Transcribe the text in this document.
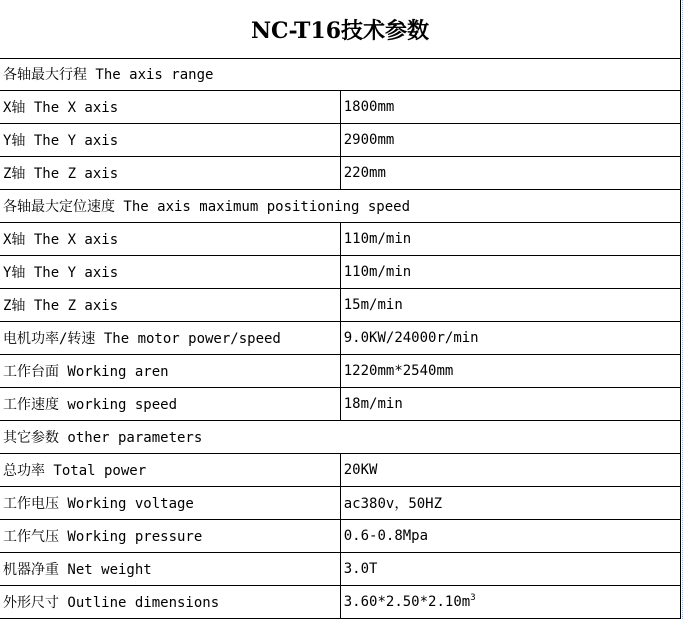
NC-T16技术参数
各轴最大行程 The axis range	
X轴 The X axis	1800mm
Y轴 The Y axis	2900mm
Z轴 The Z axis	220mm
各轴最大定位速度 The axis maximum positioning speed	
X轴 The X axis	110m/min
Y轴 The Y axis	110m/min
Z轴 The Z axis	15m/min
电机功率/转速 The motor power/speed	9.0KW/24000r/min
工作台面 Working aren	1220mm*2540mm
工作速度 working speed	18m/min
其它参数 other parameters	
总功率 Total power	20KW
工作电压 Working voltage	ac380v，50HZ
工作气压 Working pressure	0.6-0.8Mpa
机器净重 Net weight	3.0T
外形尺寸 Outline dimensions	$3.60*2.50*2.10m^3$
